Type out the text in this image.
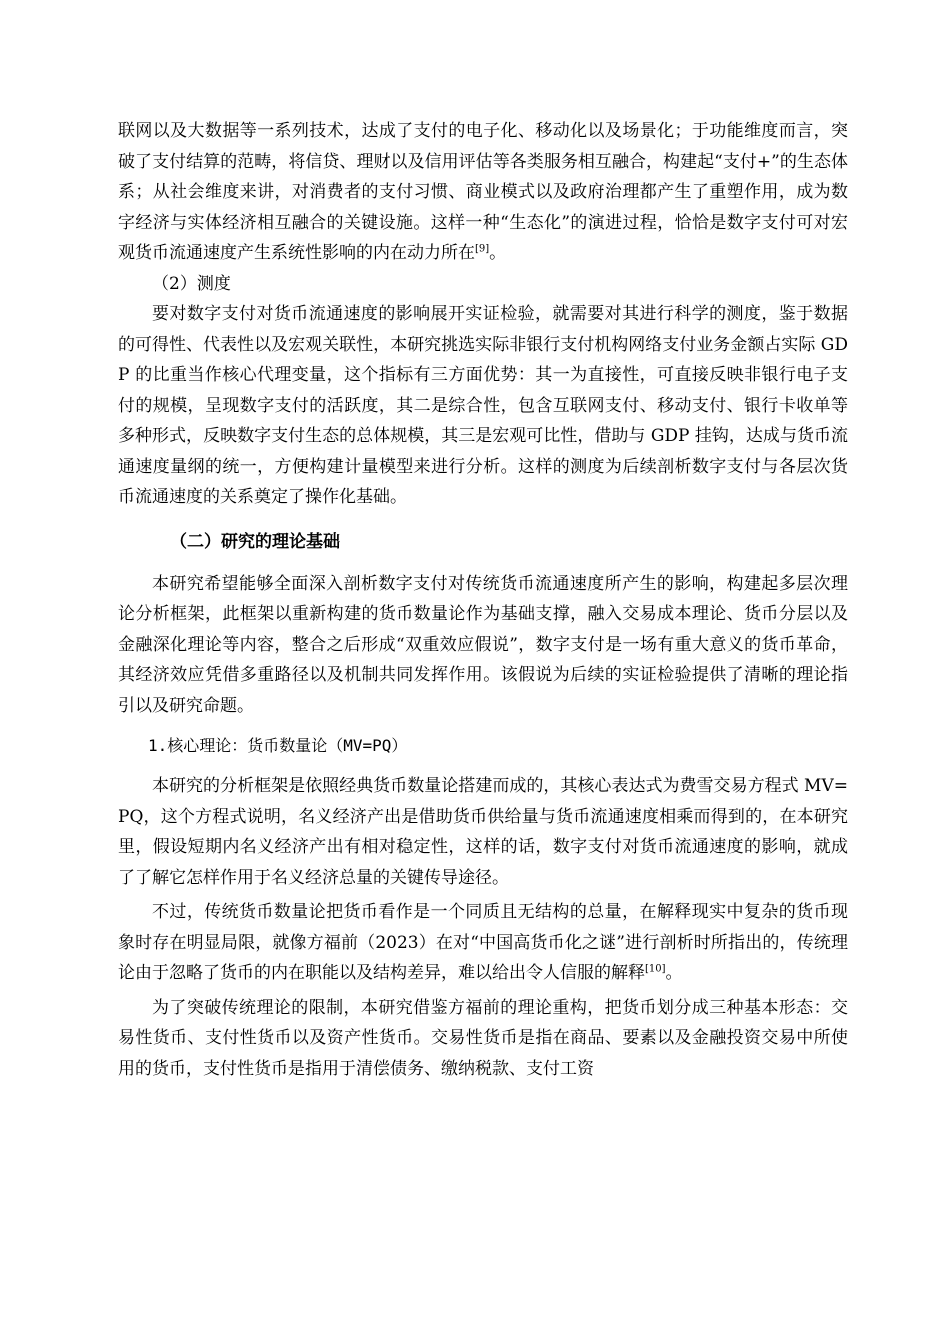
联网以及大数据等一系列技术，达成了支付的电子化、移动化以及场景化；于功能维度而言，突破了支付结算的范畴，将信贷、理财以及信用评估等各类服务相互融合，构建起“支付+”的生态体系；从社会维度来讲，对消费者的支付习惯、商业模式以及政府治理都产生了重塑作用，成为数字经济与实体经济相互融合的关键设施。这样一种“生态化”的演进过程，恰恰是数字支付可对宏观货币流通速度产生系统性影响的内在动力所在[9]。

（2）测度

要对数字支付对货币流通速度的影响展开实证检验，就需要对其进行科学的测度，鉴于数据的可得性、代表性以及宏观关联性，本研究挑选实际非银行支付机构网络支付业务金额占实际 GDP 的比重当作核心代理变量，这个指标有三方面优势：其一为直接性，可直接反映非银行电子支付的规模，呈现数字支付的活跃度，其二是综合性，包含互联网支付、移动支付、银行卡收单等多种形式，反映数字支付生态的总体规模，其三是宏观可比性，借助与 GDP 挂钩，达成与货币流通速度量纲的统一，方便构建计量模型来进行分析。这样的测度为后续剖析数字支付与各层次货币流通速度的关系奠定了操作化基础。

（二）研究的理论基础

本研究希望能够全面深入剖析数字支付对传统货币流通速度所产生的影响，构建起多层次理论分析框架，此框架以重新构建的货币数量论作为基础支撑，融入交易成本理论、货币分层以及金融深化理论等内容，整合之后形成“双重效应假说”，数字支付是一场有重大意义的货币革命，其经济效应凭借多重路径以及机制共同发挥作用。该假说为后续的实证检验提供了清晰的理论指引以及研究命题。

1.核心理论：货币数量论（MV=PQ）

本研究的分析框架是依照经典货币数量论搭建而成的，其核心表达式为费雪交易方程式 MV=PQ，这个方程式说明，名义经济产出是借助货币供给量与货币流通速度相乘而得到的，在本研究里，假设短期内名义经济产出有相对稳定性，这样的话，数字支付对货币流通速度的影响，就成了了解它怎样作用于名义经济总量的关键传导途径。

不过，传统货币数量论把货币看作是一个同质且无结构的总量，在解释现实中复杂的货币现象时存在明显局限，就像方福前（2023）在对“中国高货币化之谜”进行剖析时所指出的，传统理论由于忽略了货币的内在职能以及结构差异，难以给出令人信服的解释[10]。

为了突破传统理论的限制，本研究借鉴方福前的理论重构，把货币划分成三种基本形态：交易性货币、支付性货币以及资产性货币。交易性货币是指在商品、要素以及金融投资交易中所使用的货币，支付性货币是指用于清偿债务、缴纳税款、支付工资
